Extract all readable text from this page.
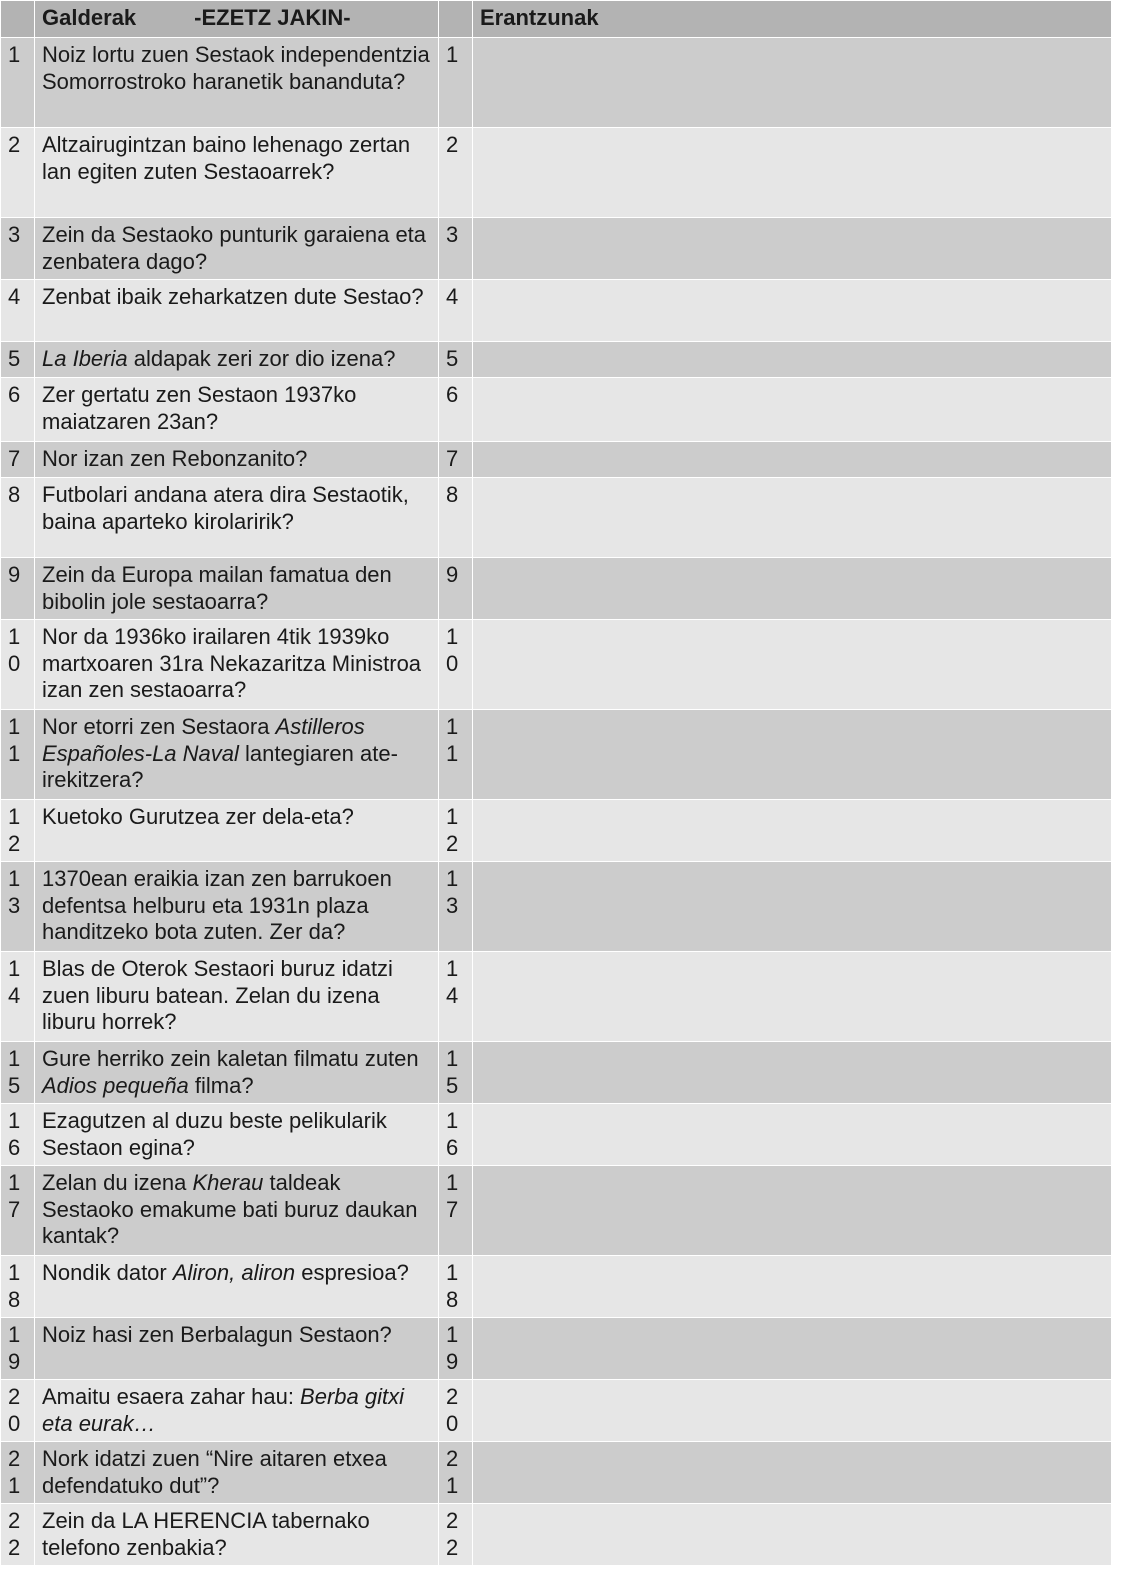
	Galderak -EZETZ JAKIN-		Erantzunak
1	Noiz lortu zuen Sestaok independentzia Somorrostroko haranetik bananduta?	1	
2	Altzairugintzan baino lehenago zertan lan egiten zuten Sestaoarrek?	2	
3	Zein da Sestaoko punturik garaiena eta zenbatera dago?	3	
4	Zenbat ibaik zeharkatzen dute Sestao?	4	
5	La Iberia aldapak zeri zor dio izena?	5	
6	Zer gertatu zen Sestaon 1937ko maiatzaren 23an?	6	
7	Nor izan zen Rebonzanito?	7	
8	Futbolari andana atera dira Sestaotik, baina aparteko kirolaririk?	8	
9	Zein da Europa mailan famatua den bibolin jole sestaoarra?	9	
10	Nor da 1936ko irailaren 4tik 1939ko martxoaren 31ra Nekazaritza Ministroa izan zen sestaoarra?	10	
11	Nor etorri zen Sestaora Astilleros Españoles-La Naval lantegiaren ate-irekitzera?	11	
12	Kuetoko Gurutzea zer dela-eta?	12	
13	1370ean eraikia izan zen barrukoen defentsa helburu eta 1931n plaza handitzeko bota zuten. Zer da?	13	
14	Blas de Oterok Sestaori buruz idatzi zuen liburu batean. Zelan du izena liburu horrek?	14	
15	Gure herriko zein kaletan filmatu zuten Adios pequeña filma?	15	
16	Ezagutzen al duzu beste pelikularik Sestaon egina?	16	
17	Zelan du izena Kherau taldeak Sestaoko emakume bati buruz daukan kantak?	17	
18	Nondik dator Aliron, aliron espresioa?	18	
19	Noiz hasi zen Berbalagun Sestaon?	19	
20	Amaitu esaera zahar hau: Berba gitxi eta eurak…	20	
21	Nork idatzi zuen “Nire aitaren etxea defendatuko dut”?	21	
22	Zein da LA HERENCIA tabernako telefono zenbakia?	22	
